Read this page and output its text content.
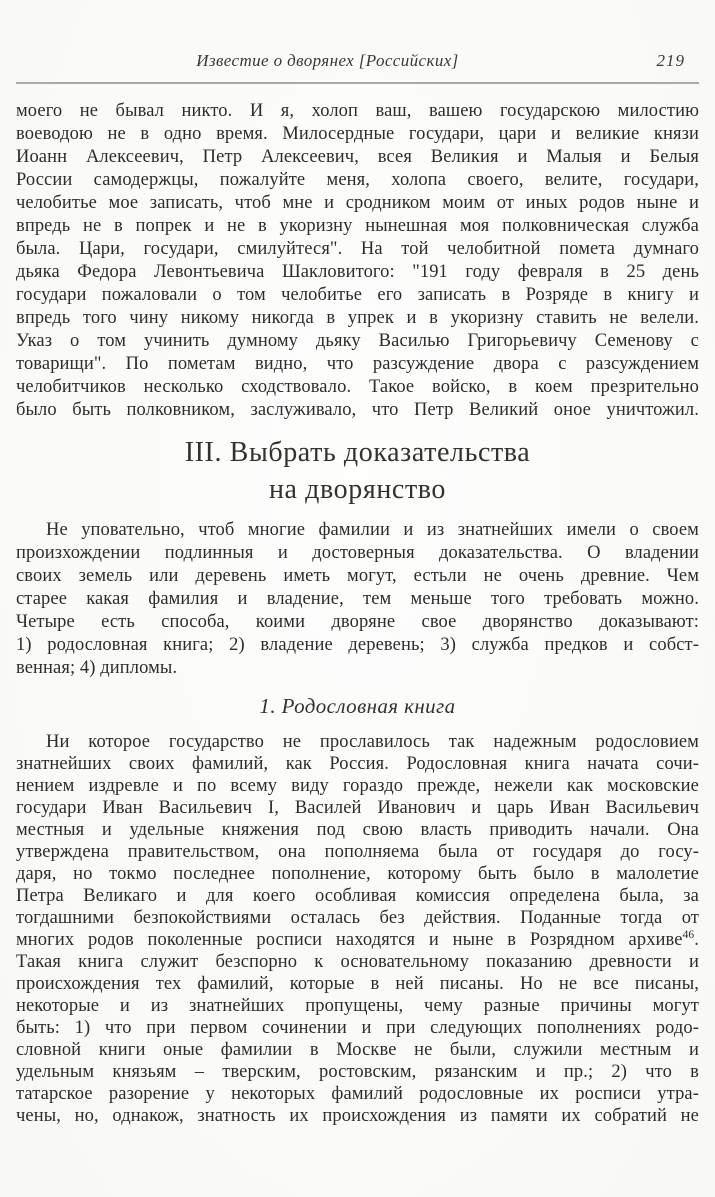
Известие о дворянех [Российских]	219
моего не бывал никто. И я, холоп ваш, вашею государскою милостию
воеводою не в одно время. Милосердные государи, цари и великие князи
Иоанн Алексеевич, Петр Алексеевич, всея Великия и Малыя и Белыя
России самодержцы, пожалуйте меня, холопа своего, велите, государи,
челобитье мое записать, чтоб мне и сродником моим от иных родов ныне и
впредь не в попрек и не в укоризну нынешная моя полковническая служба
была. Цари, государи, смилуйтеся". На той челобитной помета думнаго
дьяка Федора Левонтьевича Шакловитого: "191 году февраля в 25 день
государи пожаловали о том челобитье его записать в Розряде в книгу и
впредь того чину никому никогда в упрек и в укоризну ставить не велели.
Указ о том учинить думному дьяку Василью Григорьевичу Семенову с
товарищи". По пометам видно, что разсуждение двора с разсуждением
челобитчиков несколько сходствовало. Такое войско, в коем презрительно
было быть полковником, заслуживало, что Петр Великий оное уничтожил.
III. Выбрать доказательства
на дворянство
Не уповательно, чтоб многие фамилии и из знатнейших имели о своем
произхождении подлинныя и достоверныя доказательства. О владении
своих земель или деревень иметь могут, естьли не очень древние. Чем
старее какая фамилия и владение, тем меньше того требовать можно.
Четыре есть способа, коими дворяне свое дворянство доказывают:
1) родословная книга; 2) владение деревень; 3) служба предков и собст-
венная; 4) дипломы.
1. Родословная книга
Ни которое государство не прославилось так надежным родословием
знатнейших своих фамилий, как Россия. Родословная книга начата сочи-
нением издревле и по всему виду гораздо прежде, нежели как московские
государи Иван Васильевич I, Василей Иванович и царь Иван Васильевич
местныя и удельные княжения под свою власть приводить начали. Она
утверждена правительством, она пополняема была от государя до госу-
даря, но токмо последнее пополнение, которому быть было в малолетие
Петра Великаго и для коего особливая комиссия определена была, за
тогдашними безпокойствиями осталась без действия. Поданные тогда от
многих родов поколенные росписи находятся и ныне в Розрядном архиве$^{46}$.
Такая книга служит безспорно к основательному показанию древности и
происхождения тех фамилий, которые в ней писаны. Но не все писаны,
некоторые и из знатнейших пропущены, чему разные причины могут
быть: 1) что при первом сочинении и при следующих пополнениях родо-
словной книги оные фамилии в Москве не были, служили местным и
удельным князьям – тверским, ростовским, рязанским и пр.; 2) что в
татарское разорение у некоторых фамилий родословные их росписи утра-
чены, но, однакож, знатность их происхождения из памяти их собратий не
